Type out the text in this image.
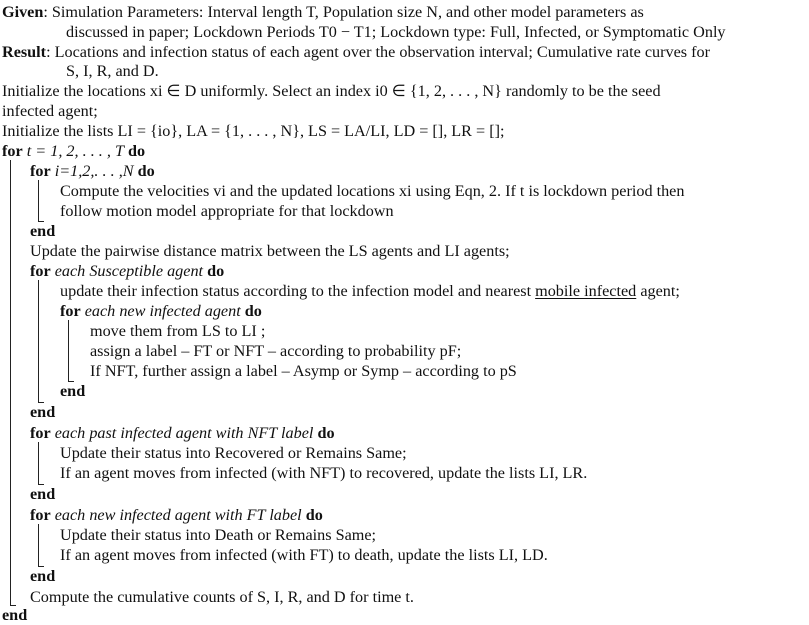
Given: Simulation Parameters: Interval length T, Population size N, and other model parameters as
discussed in paper; Lockdown Periods T0 − T1; Lockdown type: Full, Infected, or Symptomatic Only
Result: Locations and infection status of each agent over the observation interval; Cumulative rate curves for
S, I, R, and D.
Initialize the locations xi ∈ D uniformly. Select an index i0 ∈ {1, 2, . . . , N} randomly to be the seed
infected agent;
Initialize the lists LI = {io}, LA = {1, . . . , N}, LS = LA/LI, LD = [], LR = [];
for t = 1, 2, . . . , T do
for i=1,2,. . . ,N do
Compute the velocities vi and the updated locations xi using Eqn, 2. If t is lockdown period then
follow motion model appropriate for that lockdown
end
Update the pairwise distance matrix between the LS agents and LI agents;
for each Susceptible agent do
update their infection status according to the infection model and nearest mobile infected agent;
for each new infected agent do
move them from LS to LI ;
assign a label – FT or NFT – according to probability pF;
If NFT, further assign a label – Asymp or Symp – according to pS
end
end
for each past infected agent with NFT label do
Update their status into Recovered or Remains Same;
If an agent moves from infected (with NFT) to recovered, update the lists LI, LR.
end
for each new infected agent with FT label do
Update their status into Death or Remains Same;
If an agent moves from infected (with FT) to death, update the lists LI, LD.
end
Compute the cumulative counts of S, I, R, and D for time t.
end
